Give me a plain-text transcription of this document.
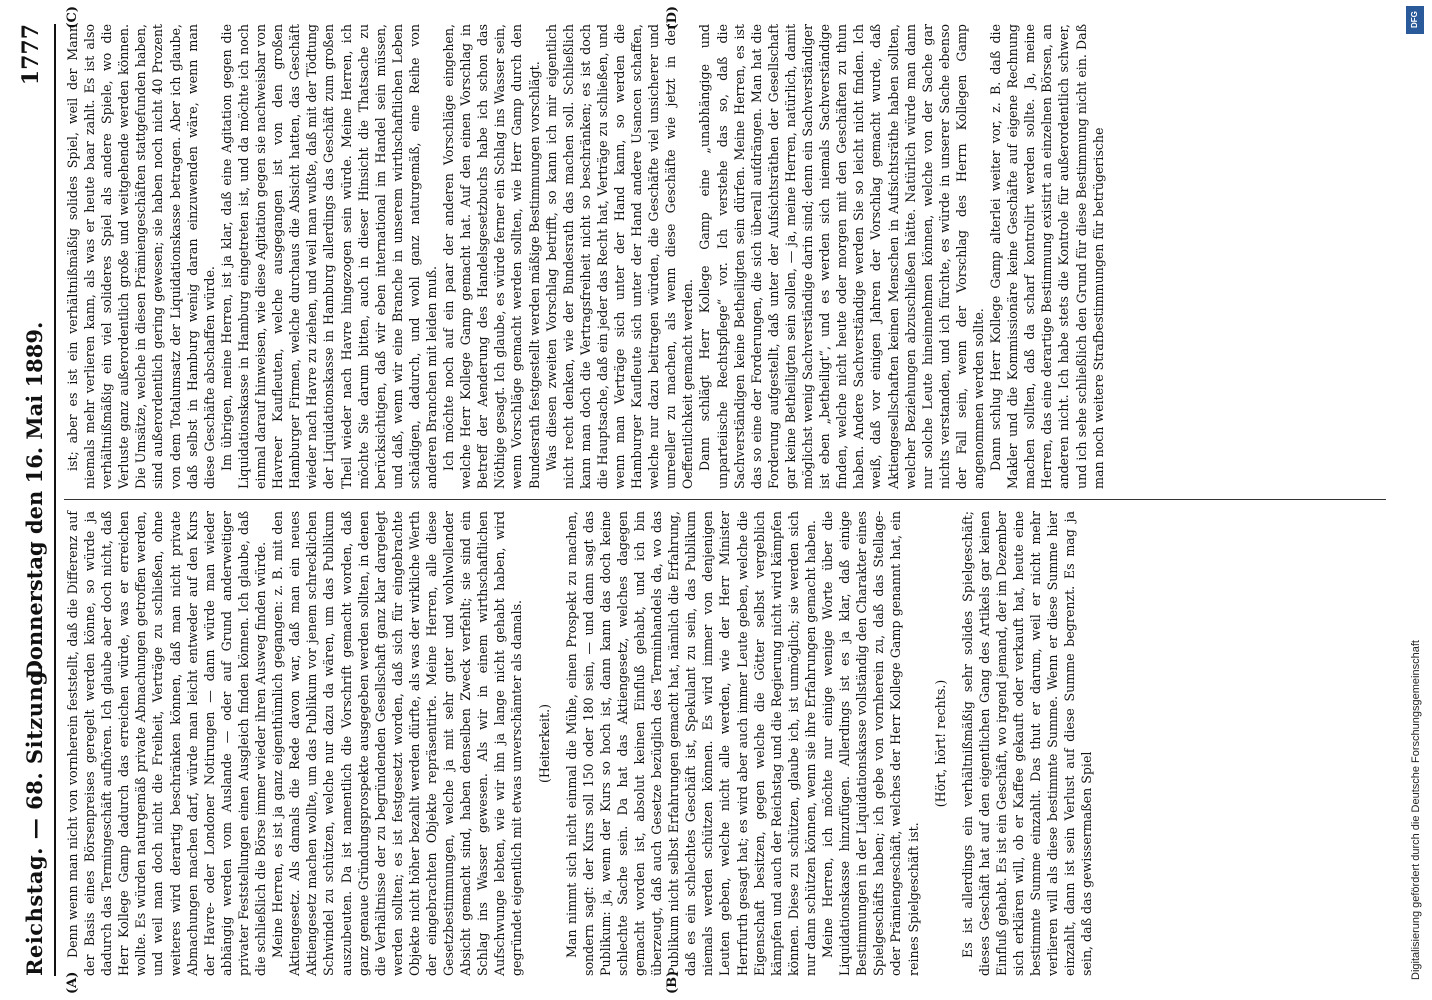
Reichstag. — 68. Sitzung.
Donnerstag den 16. Mai 1889.
1777
(A)	(B)

Denn wenn man nicht von vornherein feststellt, daß die Differenz auf der Basis eines Börsenpreises geregelt werden könne, so würde ja dadurch das Termingeschäft aufhören. Ich glaube aber doch nicht, daß Herr Kollege Gamp dadurch das erreichen würde, was er erreichen wollte. Es würden naturgemäß private Abmachungen getroffen werden, und weil man doch nicht die Freiheit, Verträge zu schließen, ohne weiteres wird derartig beschränken können, daß man nicht private Abmachungen machen darf, würde man leicht entweder auf den Kurs der Havre- oder Londoner Notirungen — dann würde man wieder abhängig werden vom Auslande — oder auf Grund anderweitiger privater Feststellungen einen Ausgleich finden können. Ich glaube, daß die schließlich die Börse immer wieder ihren Ausweg finden würde. Meine Herren, es ist ja ganz eigenthümlich gegangen: z. B. mit den Aktiengesetz. Als damals die Rede davon war, daß man ein neues Aktiengesetz machen wollte, um das Publikum vor jenem schrecklichen Schwindel zu schützen, welche nur dazu da wären, um das Publikum auszubeuten. Da ist namentlich die Vorschrift gemacht worden, daß ganz genaue Gründungsprospekte ausgegeben werden sollten, in denen die Verhältnisse der zu begründenden Gesellschaft ganz klar dargelegt werden sollten; es ist festgesetzt worden, daß sich für eingebrachte Objekte nicht höher bezahlt werden dürfte, als was der wirkliche Werth der eingebrachten Objekte repräsentirte. Meine Herren, alle diese Gesetzbestimmungen, welche ja mit sehr guter und wohlwollender Absicht gemacht sind, haben denselben Zweck verfehlt; sie sind ein Schlag ins Wasser gewesen. Als wir in einem wirthschaftlichen Aufschwunge lebten, wie wir ihn ja lange nicht gehabt haben, wird gegründet eigentlich mit etwas unverschämter als damals. (Heiterkeit.) Man nimmt sich nicht einmal die Mühe, einen Prospekt zu machen, sondern sagt: der Kurs soll 150 oder 180 sein, — und dann sagt das Publikum: ja, wenn der Kurs so hoch ist, dann kann das doch keine schlechte Sache sein. Da hat das Aktiengesetz, welches dagegen gemacht worden ist, absolut keinen Einfluß gehabt, und ich bin überzeugt, daß auch Gesetze bezüglich des Terminhandels da, wo das Publikum nicht selbst Erfahrungen gemacht hat, nämlich die Erfahrung, daß es ein schlechtes Geschäft ist, Spekulant zu sein, das Publikum niemals werden schützen können. Es wird immer von denjenigen Leuten geben, welche nicht alle werden, wie der Herr Minister Herrfurth gesagt hat; es wird aber auch immer Leute geben, welche die Eigenschaft besitzen, gegen welche die Götter selbst vergeblich kämpfen und auch der Reichstag und die Regierung nicht wird kämpfen können. Diese zu schützen, glaube ich, ist unmöglich; sie werden sich nur dann schützen können, wenn sie ihre Erfahrungen gemacht haben. Meine Herren, ich möchte nur einige wenige Worte über die Liquidationskasse hinzufügen. Allerdings ist es ja klar, daß einige Bestimmungen in der Liquidationskasse vollständig den Charakter eines Spielgeschäfts haben; ich gebe von vornherein zu, daß das Stellage- oder Prämiengeschäft, welches der Herr Kollege Gamp genannt hat, ein reines Spielgeschäft ist.

(Hört, hört! rechts.) Es ist allerdings ein verhältnißmäßig sehr solides Spielgeschäft; dieses Geschäft hat auf den eigentlichen Gang des Artikels gar keinen Einfluß gehabt. Es ist ein Geschäft, wo irgend jemand, der im Dezember sich erklären will, ob er Kaffee gekauft oder verkauft hat, heute eine bestimmte Summe einzahlt. Das thut er darum, weil er nicht mehr verlieren will als diese bestimmte Summe. Wenn er diese Summe hier einzahlt, dann ist sein Verlust auf diese Summe begrenzt. Es mag ja sein, daß das gewissermaßen Spiel

(C)	(D)

ist; aber es ist ein verhältnißmäßig solides Spiel, weil der Mann niemals mehr verlieren kann, als was er heute baar zahlt. Es ist also verhältnißmäßig ein viel solideres Spiel als andere Spiele, wo die Verluste ganz außerordentlich große und weitgehende werden können. Die Umsätze, welche in diesen Prämiengeschäften stattgefunden haben, sind außerordentlich gering gewesen; sie haben noch nicht 40 Prozent von dem Totalumsatz der Liquidationskasse betragen. Aber ich glaube, daß selbst in Hamburg wenig daran einzuwenden wäre, wenn man diese Geschäfte abschaffen würde. Im übrigen, meine Herren, ist ja klar, daß eine Agitation gegen die Liquidationskasse in Hamburg eingetreten ist, und da möchte ich noch einmal darauf hinweisen, wie diese Agitation gegen sie nachweisbar von Havreer Kaufleuten, welche ausgegangen ist von den großen Hamburger Firmen, welche durchaus die Absicht hatten, das Geschäft wieder nach Havre zu ziehen, und weil man wußte, daß mit der Tödtung der Liquidationskasse in Hamburg allerdings das Geschäft zum großen Theil wieder nach Havre hingezogen sein würde. Meine Herren, ich möchte Sie darum bitten, auch in dieser Hinsicht die Thatsache zu berücksichtigen, daß wir eben international im Handel sein müssen, und daß, wenn wir eine Branche in unserem wirthschaftlichen Leben schädigen, dadurch, und wohl ganz naturgemäß, eine Reihe von anderen Branchen mit leiden muß. Ich möchte noch auf ein paar der anderen Vorschläge eingehen, welche Herr Kollege Gamp gemacht hat. Auf den einen Vorschlag in Betreff der Aenderung des Handelsgesetzbuchs habe ich schon das Nöthige gesagt. Ich glaube, es würde ferner ein Schlag ins Wasser sein, wenn Vorschläge gemacht werden sollten, wie Herr Gamp durch den Bundesrath festgestellt werden mäßige Bestimmungen vorschlägt. Was diesen zweiten Vorschlag betrifft, so kann ich mir eigentlich nicht recht denken, wie der Bundesrath das machen soll. Schließlich kann man doch die Vertragsfreiheit nicht so beschränken; es ist doch die Hauptsache, daß ein jeder das Recht hat, Verträge zu schließen, und wenn man Verträge sich unter der Hand kann, so werden die Hamburger Kaufleute sich unter der Hand andere Usancen schaffen, welche nur dazu beitragen würden, die Geschäfte viel unsicherer und unreeller zu machen, als wenn diese Geschäfte wie jetzt in der Oeffentlichkeit gemacht werden. Dann schlägt Herr Kollege Gamp eine „unabhängige und unparteiische Rechtspflege“ vor. Ich verstehe das so, daß die Sachverständigen keine Betheiligten sein dürfen. Meine Herren, es ist das so eine der Forderungen, die sich überall aufdrängen. Man hat die Forderung aufgestellt, daß unter der Aufsichtsräthen der Gesellschaft gar keine Betheiligten sein sollen, — ja, meine Herren, natürlich, damit möglichst wenig Sachverständige darin sind; denn ein Sachverständiger ist eben „betheiligt“, und es werden sich niemals Sachverständige finden, welche nicht heute oder morgen mit den Geschäften zu thun haben. Andere Sachverständige werden Sie so leicht nicht finden. Ich weiß, daß vor einigen Jahren der Vorschlag gemacht wurde, daß Aktiengesellschaften keinen Menschen in Aufsichtsräthe haben sollten, welcher Beziehungen abzuschließen hätte. Natürlich würde man dann nur solche Leute hineinnehmen können, welche von der Sache gar nichts verstanden, und ich fürchte, es würde in unserer Sache ebenso der Fall sein, wenn der Vorschlag des Herrn Kollegen Gamp angenommen werden sollte. Dann schlug Herr Kollege Gamp alterlei weiter vor, z. B. daß die Makler und die Kommissionäre keine Geschäfte auf eigene Rechnung machen sollten, daß da scharf kontrolirt werden sollte. Ja, meine Herren, das eine derartige Bestimmung existirt an einzelnen Börsen, an anderen nicht. Ich habe stets die Kontrole für außerordentlich schwer, und ich sehe schließlich den Grund für diese Bestimmung nicht ein. Daß man noch weitere Strafbestimmungen für betrügerische

Digitalisierung gefördert durch die Deutsche Forschungsgemeinschaft
DFG
